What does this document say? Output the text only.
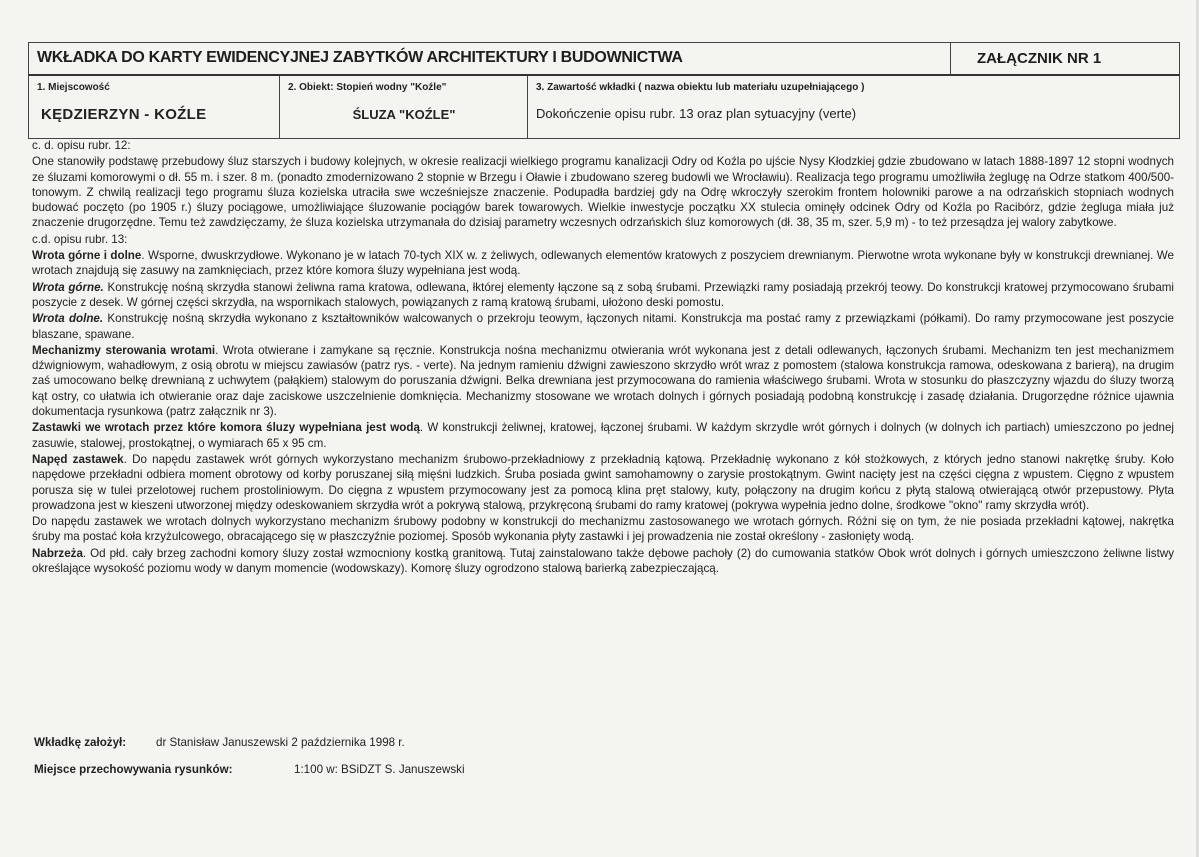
WKŁADKA DO KARTY EWIDENCYJNEJ ZABYTKÓW ARCHITEKTURY I BUDOWNICTWA	ZAŁĄCZNIK NR 1
1. Miejscowość
KĘDZIERZYN - KOŹLE
2. Obiekt: Stopień wodny "Koźle"
ŚLUZA "KOŹLE"
3. Zawartość wkładki ( nazwa obiektu lub materiału uzupełniającego )
Dokończenie opisu rubr. 13 oraz plan sytuacyjny (verte)

c. d. opisu rubr. 12:

One stanowiły podstawę przebudowy śluz starszych i budowy kolejnych, w okresie realizacji wielkiego programu kanalizacji Odry od Koźla po ujście Nysy Kłodzkiej gdzie zbudowano w latach 1888-1897 12 stopni wodnych ze śluzami komorowymi o dł. 55 m. i szer. 8 m. (ponadto zmodernizowano 2 stopnie w Brzegu i Oławie i zbudowano szereg budowli we Wrocławiu). Realizacja tego programu umożliwiła żeglugę na Odrze statkom 400/500-tonowym. Z chwilą realizacji tego programu śluza kozielska utraciła swe wcześniejsze znaczenie. Podupadła bardziej gdy na Odrę wkroczyły szerokim frontem holowniki parowe a na odrzańskich stopniach wodnych budować poczęto (po 1905 r.) śluzy pociągowe, umożliwiające śluzowanie pociągów barek towarowych. Wielkie inwestycje początku XX stulecia ominęły odcinek Odry od Koźla po Racibórz, gdzie żegluga miała już znaczenie drugorzędne. Temu też zawdzięczamy, że śluza kozielska utrzymanała do dzisiaj parametry wczesnych odrzańskich śluz komorowych (dł. 38, 35 m, szer. 5,9 m) - to też przesądza jej walory zabytkowe.

c.d. opisu rubr. 13:

Wrota górne i dolne. Wsporne, dwuskrzydłowe. Wykonano je w latach 70-tych XIX w. z żeliwych, odlewanych elementów kratowych z poszyciem drewnianym. Pierwotne wrota wykonane były w konstrukcji drewnianej. We wrotach znajdują się zasuwy na zamknięciach, przez które komora śluzy wypełniana jest wodą.

Wrota górne. Konstrukcję nośną skrzydła stanowi żeliwna rama kratowa, odlewana, łktórej elementy łączone są z sobą śrubami. Przewiązki ramy posiadają przekrój teowy. Do konstrukcji kratowej przymocowano śrubami poszycie z desek. W górnej części skrzydła, na wspornikach stalowych, powiązanych z ramą kratową śrubami, ułożono deski pomostu.

Wrota dolne. Konstrukcję nośną skrzydła wykonano z kształtowników walcowanych o przekroju teowym, łączonych nitami. Konstrukcja ma postać ramy z przewiązkami (półkami). Do ramy przymocowane jest poszycie blaszane, spawane.

Mechanizmy sterowania wrotami. Wrota otwierane i zamykane są ręcznie. Konstrukcja nośna mechanizmu otwierania wrót wykonana jest z detali odlewanych, łączonych śrubami. Mechanizm ten jest mechanizmem dźwigniowym, wahadłowym, z osią obrotu w miejscu zawiasów (patrz rys. - verte). Na jednym ramieniu dźwigni zawieszono skrzydło wrót wraz z pomostem (stalowa konstrukcja ramowa, odeskowana z barierą), na drugim zaś umocowano belkę drewnianą z uchwytem (pałąkiem) stalowym do poruszania dźwigni. Belka drewniana jest przymocowana do ramienia właściwego śrubami. Wrota w stosunku do płaszczyzny wjazdu do śluzy tworzą kąt ostry, co ułatwia ich otwieranie oraz daje zaciskowe uszczelnienie domknięcia. Mechanizmy stosowane we wrotach dolnych i górnych posiadają podobną konstrukcję i zasadę działania. Drugorzędne różnice ujawnia dokumentacja rysunkowa (patrz załącznik nr 3).

Zastawki we wrotach przez które komora śluzy wypełniana jest wodą. W konstrukcji żeliwnej, kratowej, łączonej śrubami. W każdym skrzydle wrót górnych i dolnych (w dolnych ich partiach) umieszczono po jednej zasuwie, stalowej, prostokątnej, o wymiarach 65 x 95 cm.

Napęd zastawek. Do napędu zastawek wrót górnych wykorzystano mechanizm śrubowo-przekładniowy z przekładnią kątową. Przekładnię wykonano z kół stożkowych, z których jedno stanowi nakrętkę śruby. Koło napędowe przekładni odbiera moment obrotowy od korby poruszanej siłą mięśni ludzkich. Śruba posiada gwint samohamowny o zarysie prostokątnym. Gwint nacięty jest na części cięgna z wpustem. Cięgno z wpustem porusza się w tulei przelotowej ruchem prostoliniowym. Do cięgna z wpustem przymocowany jest za pomocą klina pręt stalowy, kuty, połączony na drugim końcu z płytą stalową otwierającą otwór przepustowy. Płyta prowadzona jest w kieszeni utworzonej między odeskowaniem skrzydła wrót a pokrywą stalową, przykręconą śrubami do ramy kratowej (pokrywa wypełnia jedno dolne, środkowe "okno" ramy skrzydła wrót).

Do napędu zastawek we wrotach dolnych wykorzystano mechanizm śrubowy podobny w konstrukcji do mechanizmu zastosowanego we wrotach górnych. Różni się on tym, że nie posiada przekładni kątowej, nakrętka śruby ma postać koła krzyżulcowego, obracającego się w płaszczyźnie poziomej. Sposób wykonania płyty zastawki i jej prowadzenia nie został określony - zasłonięty wodą.

Nabrzeża. Od płd. cały brzeg zachodni komory śluzy został wzmocniony kostką granitową. Tutaj zainstalowano także dębowe pachoły (2) do cumowania statków Obok wrót dolnych i górnych umieszczono żeliwne listwy określające wysokość poziomu wody w danym momencie (wodowskazy). Komorę śluzy ogrodzono stalową barierką zabezpieczającą.

Wkładkę założył:	dr Stanisław Januszewski 2 października 1998 r.
Miejsce przechowywania rysunków:	1:100 w: BSiDZT S. Januszewski
